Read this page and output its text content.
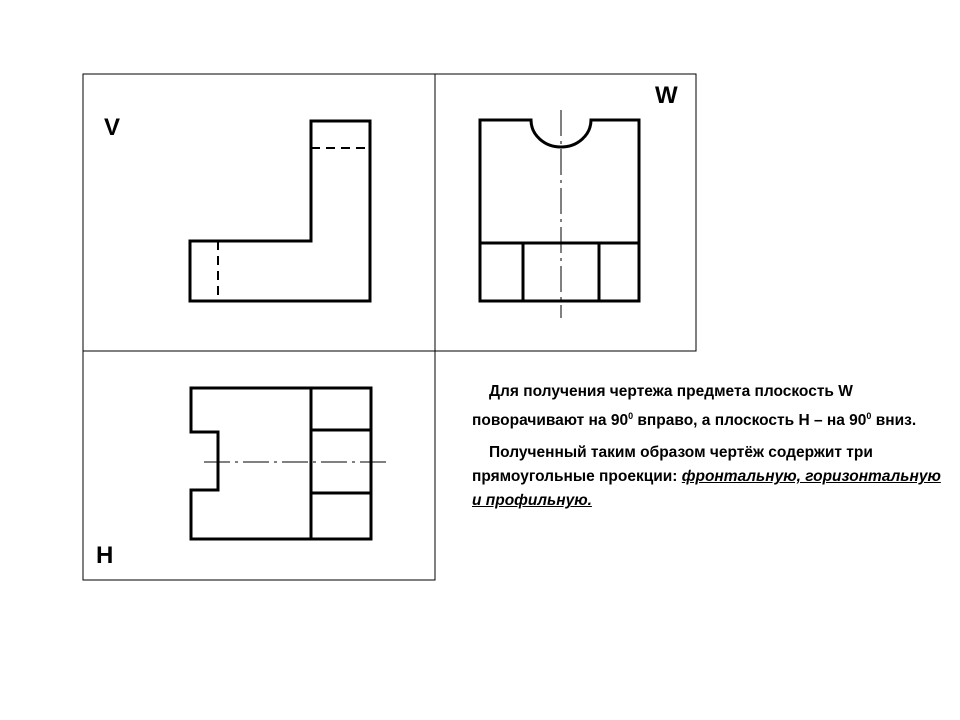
V
W
H

Для получения чертежа предмета плоскость W поворачивают на $90^0$ вправо, а плоскость H – на $90^0$ вниз.

Полученный таким образом чертёж содержит три прямоугольные проекции: фронтальную, горизонтальную и профильную.
